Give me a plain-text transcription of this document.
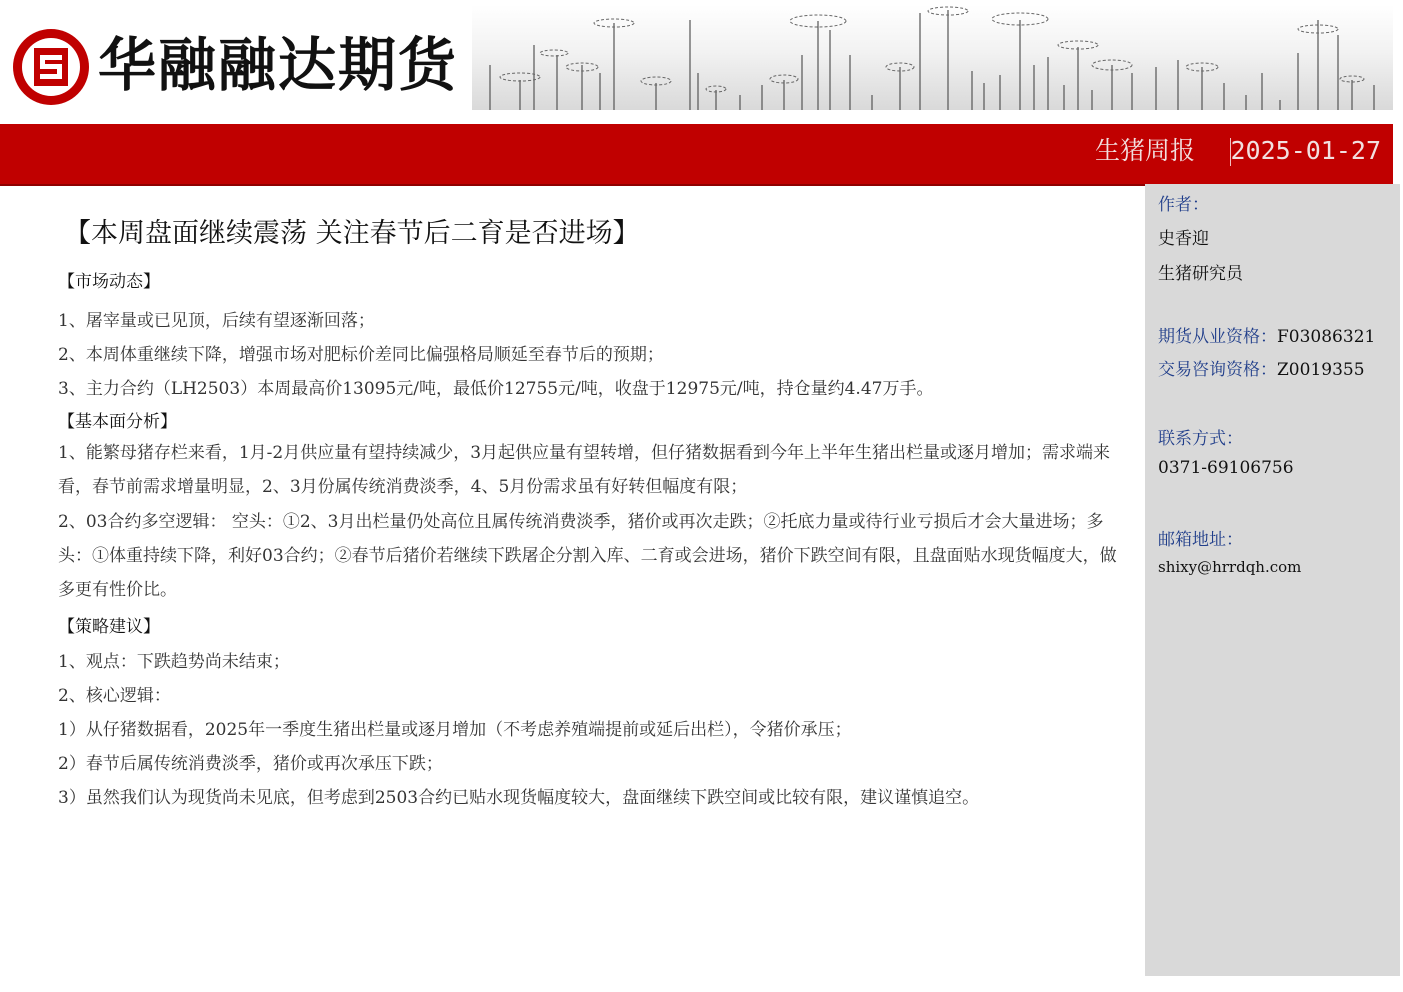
华融融达期货
生猪周报 2025-01-27
【本周盘面继续震荡 关注春节后二育是否进场】
【市场动态】
1、屠宰量或已见顶，后续有望逐渐回落；
2、本周体重继续下降，增强市场对肥标价差同比偏强格局顺延至春节后的预期；
3、主力合约（LH2503）本周最高价13095元/吨，最低价12755元/吨，收盘于12975元/吨，持仓量约4.47万手。
【基本面分析】
1、能繁母猪存栏来看，1月-2月供应量有望持续减少，3月起供应量有望转增，但仔猪数据看到今年上半年生猪出栏量或逐月增加；需求端来看，春节前需求增量明显，2、3月份属传统消费淡季，4、5月份需求虽有好转但幅度有限；
2、03合约多空逻辑： 空头：①2、3月出栏量仍处高位且属传统消费淡季，猪价或再次走跌；②托底力量或待行业亏损后才会大量进场；多头：①体重持续下降，利好03合约；②春节后猪价若继续下跌屠企分割入库、二育或会进场，猪价下跌空间有限，且盘面贴水现货幅度大，做多更有性价比。
【策略建议】
1、观点：下跌趋势尚未结束；
2、核心逻辑：
1）从仔猪数据看，2025年一季度生猪出栏量或逐月增加（不考虑养殖端提前或延后出栏），令猪价承压；
2）春节后属传统消费淡季，猪价或再次承压下跌；
3）虽然我们认为现货尚未见底，但考虑到2503合约已贴水现货幅度较大，盘面继续下跌空间或比较有限，建议谨慎追空。
作者：
史香迎
生猪研究员
期货从业资格：F03086321
交易咨询资格：Z0019355
联系方式：
0371-69106756
邮箱地址：
shixy@hrrdqh.com
